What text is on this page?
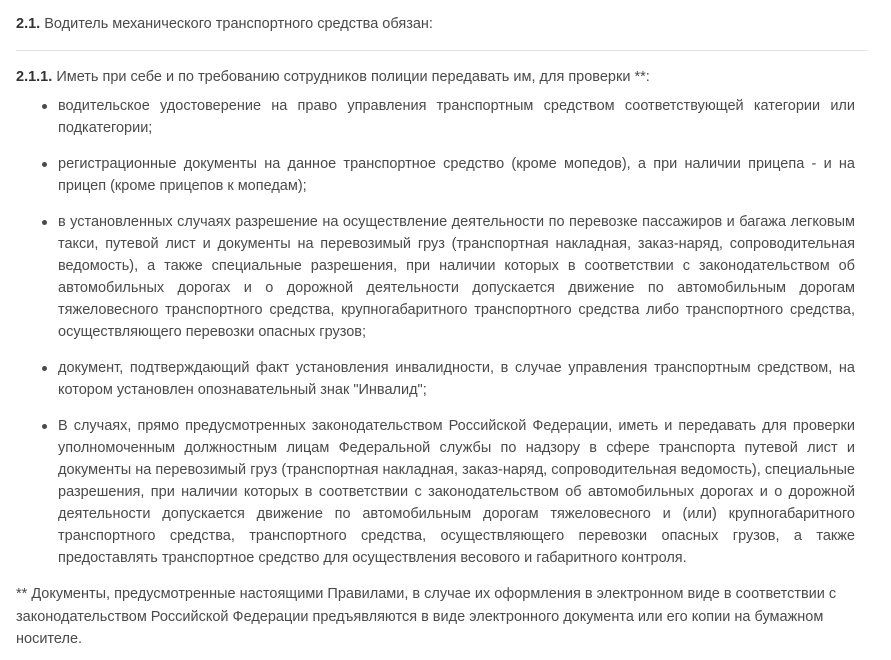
2.1. Водитель механического транспортного средства обязан:

2.1.1. Иметь при себе и по требованию сотрудников полиции передавать им, для проверки **:

водительское удостоверение на право управления транспортным средством соответствующей категории или подкатегории;
регистрационные документы на данное транспортное средство (кроме мопедов), а при наличии прицепа - и на прицеп (кроме прицепов к мопедам);
в установленных случаях разрешение на осуществление деятельности по перевозке пассажиров и багажа легковым такси, путевой лист и документы на перевозимый груз (транспортная накладная, заказ-наряд, сопроводительная ведомость), а также специальные разрешения, при наличии которых в соответствии с законодательством об автомобильных дорогах и о дорожной деятельности допускается движение по автомобильным дорогам тяжеловесного транспортного средства, крупногабаритного транспортного средства либо транспортного средства, осуществляющего перевозки опасных грузов;
документ, подтверждающий факт установления инвалидности, в случае управления транспортным средством, на котором установлен опознавательный знак "Инвалид";
В случаях, прямо предусмотренных законодательством Российской Федерации, иметь и передавать для проверки уполномоченным должностным лицам Федеральной службы по надзору в сфере транспорта путевой лист и документы на перевозимый груз (транспортная накладная, заказ-наряд, сопроводительная ведомость), специальные разрешения, при наличии которых в соответствии с законодательством об автомобильных дорогах и о дорожной деятельности допускается движение по автомобильным дорогам тяжеловесного и (или) крупногабаритного транспортного средства, транспортного средства, осуществляющего перевозки опасных грузов, а также предоставлять транспортное средство для осуществления весового и габаритного контроля.

** Документы, предусмотренные настоящими Правилами, в случае их оформления в электронном виде в соответствии с законодательством Российской Федерации предъявляются в виде электронного документа или его копии на бумажном носителе.
